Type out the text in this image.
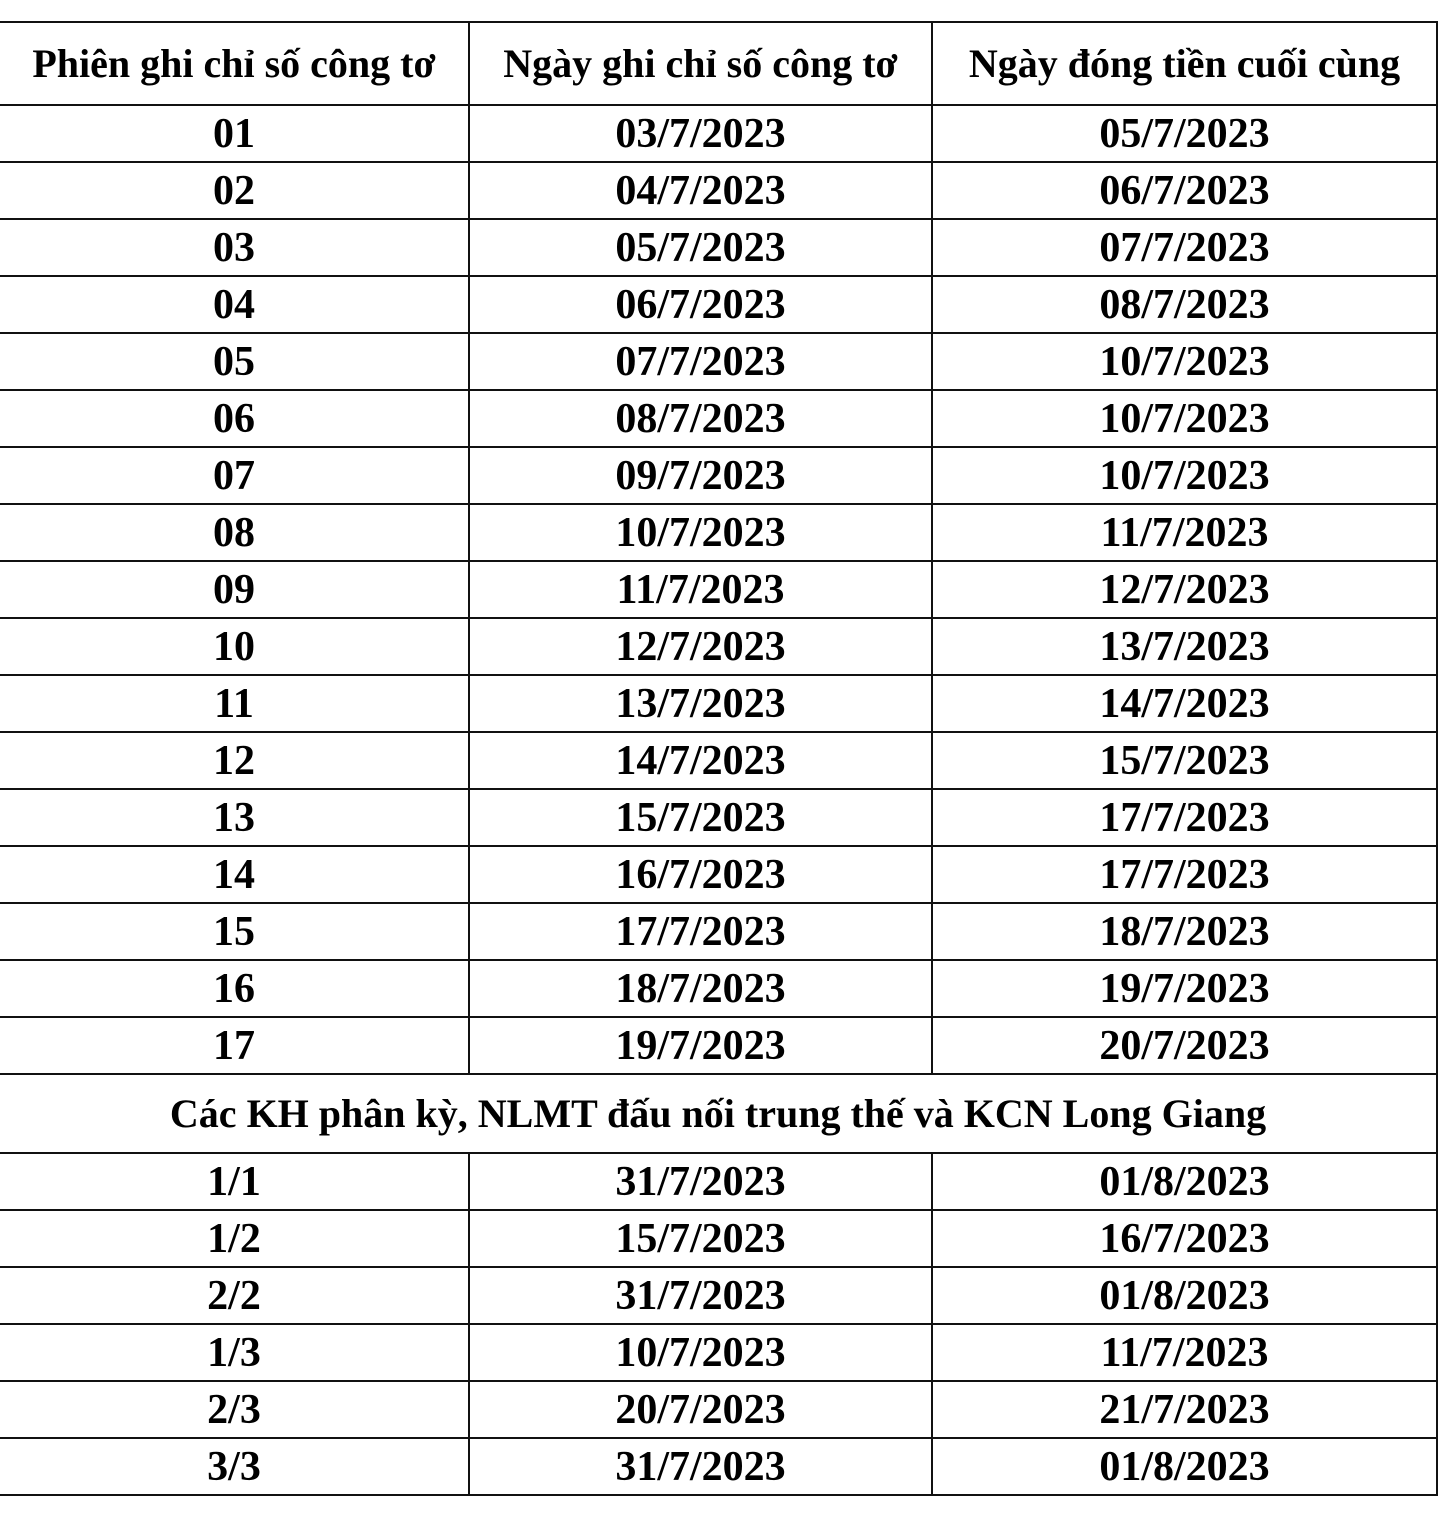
Phiên ghi chỉ số công tơ	Ngày ghi chỉ số công tơ	Ngày đóng tiền cuối cùng
01	03/7/2023	05/7/2023
02	04/7/2023	06/7/2023
03	05/7/2023	07/7/2023
04	06/7/2023	08/7/2023
05	07/7/2023	10/7/2023
06	08/7/2023	10/7/2023
07	09/7/2023	10/7/2023
08	10/7/2023	11/7/2023
09	11/7/2023	12/7/2023
10	12/7/2023	13/7/2023
11	13/7/2023	14/7/2023
12	14/7/2023	15/7/2023
13	15/7/2023	17/7/2023
14	16/7/2023	17/7/2023
15	17/7/2023	18/7/2023
16	18/7/2023	19/7/2023
17	19/7/2023	20/7/2023
Các KH phân kỳ, NLMT đấu nối trung thế và KCN Long Giang		
1/1	31/7/2023	01/8/2023
1/2	15/7/2023	16/7/2023
2/2	31/7/2023	01/8/2023
1/3	10/7/2023	11/7/2023
2/3	20/7/2023	21/7/2023
3/3	31/7/2023	01/8/2023
